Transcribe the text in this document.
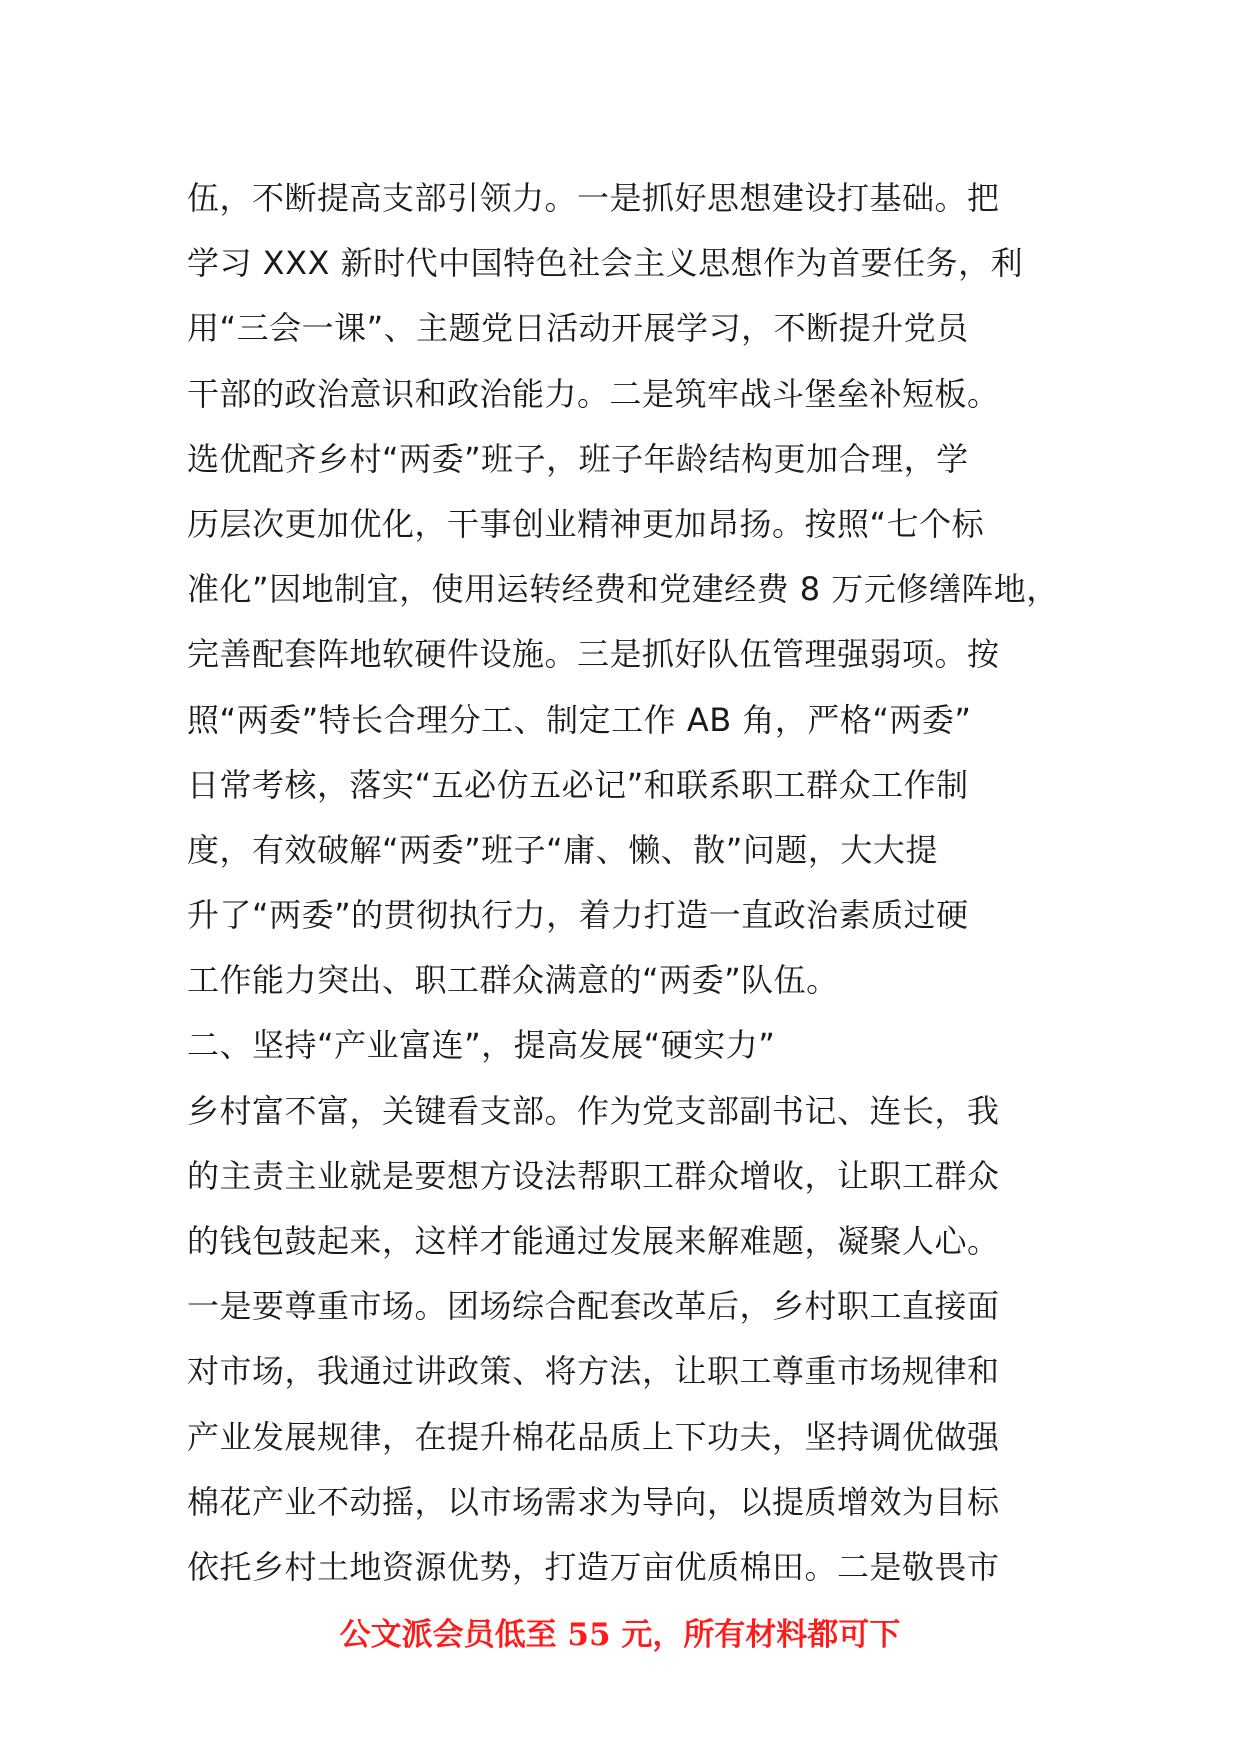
伍，不断提高支部引领力。一是抓好思想建设打基础。把
学习 XXX 新时代中国特色社会主义思想作为首要任务，利
用“三会一课”、主题党日活动开展学习，不断提升党员
干部的政治意识和政治能力。二是筑牢战斗堡垒补短板。
选优配齐乡村“两委”班子，班子年龄结构更加合理，学
历层次更加优化，干事创业精神更加昂扬。按照“七个标
准化”因地制宜，使用运转经费和党建经费 8 万元修缮阵地，
完善配套阵地软硬件设施。三是抓好队伍管理强弱项。按
照“两委”特长合理分工、制定工作 AB 角，严格“两委”
日常考核，落实“五必仿五必记”和联系职工群众工作制
度，有效破解“两委”班子“庸、懒、散”问题，大大提
升了“两委”的贯彻执行力，着力打造一直政治素质过硬
工作能力突出、职工群众满意的“两委”队伍。
二、坚持“产业富连”，提高发展“硬实力”
乡村富不富，关键看支部。作为党支部副书记、连长，我
的主责主业就是要想方设法帮职工群众增收，让职工群众
的钱包鼓起来，这样才能通过发展来解难题，凝聚人心。
一是要尊重市场。团场综合配套改革后，乡村职工直接面
对市场，我通过讲政策、将方法，让职工尊重市场规律和
产业发展规律，在提升棉花品质上下功夫，坚持调优做强
棉花产业不动摇，以市场需求为导向，以提质增效为目标
依托乡村土地资源优势，打造万亩优质棉田。二是敬畏市
公文派会员低至 55 元，所有材料都可下
